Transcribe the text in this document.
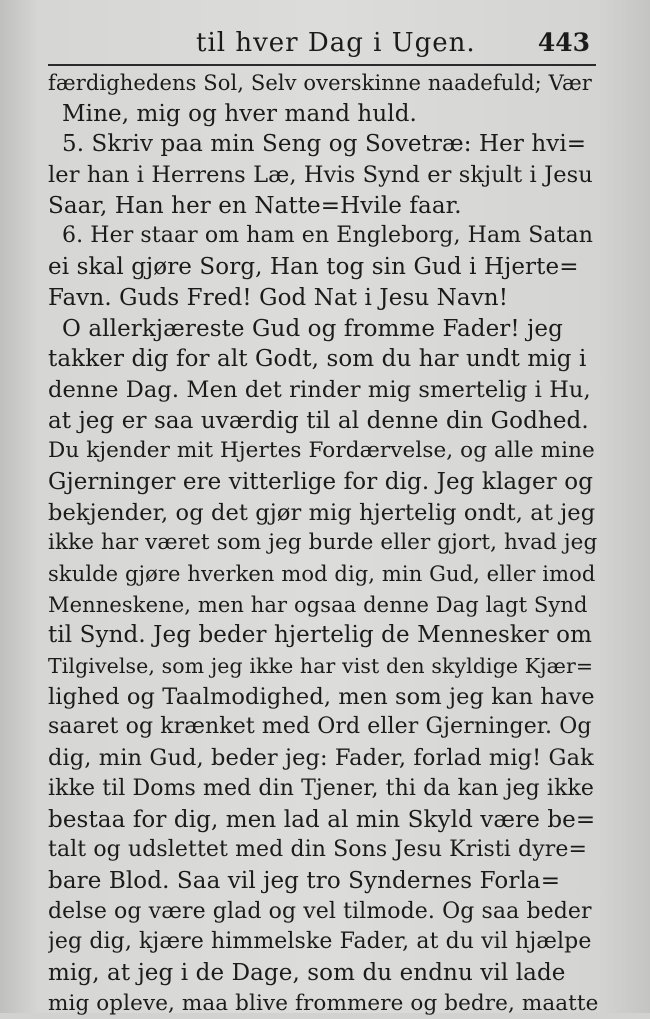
til hver Dag i Ugen. 443
færdighedens Sol, Selv overskinne naadefuld; Vær
Mine, mig og hver mand huld.
5. Skriv paa min Seng og Sovetræ: Her hvi=
ler han i Herrens Læ, Hvis Synd er skjult i Jesu
Saar, Han her en Natte=Hvile faar.
6. Her staar om ham en Engleborg, Ham Satan
ei skal gjøre Sorg, Han tog sin Gud i Hjerte=
Favn. Guds Fred! God Nat i Jesu Navn!
O allerkjæreste Gud og fromme Fader! jeg
takker dig for alt Godt, som du har undt mig i
denne Dag. Men det rinder mig smertelig i Hu,
at jeg er saa uværdig til al denne din Godhed.
Du kjender mit Hjertes Fordærvelse, og alle mine
Gjerninger ere vitterlige for dig. Jeg klager og
bekjender, og det gjør mig hjertelig ondt, at jeg
ikke har været som jeg burde eller gjort, hvad jeg
skulde gjøre hverken mod dig, min Gud, eller imod
Menneskene, men har ogsaa denne Dag lagt Synd
til Synd. Jeg beder hjertelig de Mennesker om
Tilgivelse, som jeg ikke har vist den skyldige Kjær=
lighed og Taalmodighed, men som jeg kan have
saaret og krænket med Ord eller Gjerninger. Og
dig, min Gud, beder jeg: Fader, forlad mig! Gak
ikke til Doms med din Tjener, thi da kan jeg ikke
bestaa for dig, men lad al min Skyld være be=
talt og udslettet med din Sons Jesu Kristi dyre=
bare Blod. Saa vil jeg tro Syndernes Forla=
delse og være glad og vel tilmode. Og saa beder
jeg dig, kjære himmelske Fader, at du vil hjælpe
mig, at jeg i de Dage, som du endnu vil lade
mig opleve, maa blive frommere og bedre, maatte
